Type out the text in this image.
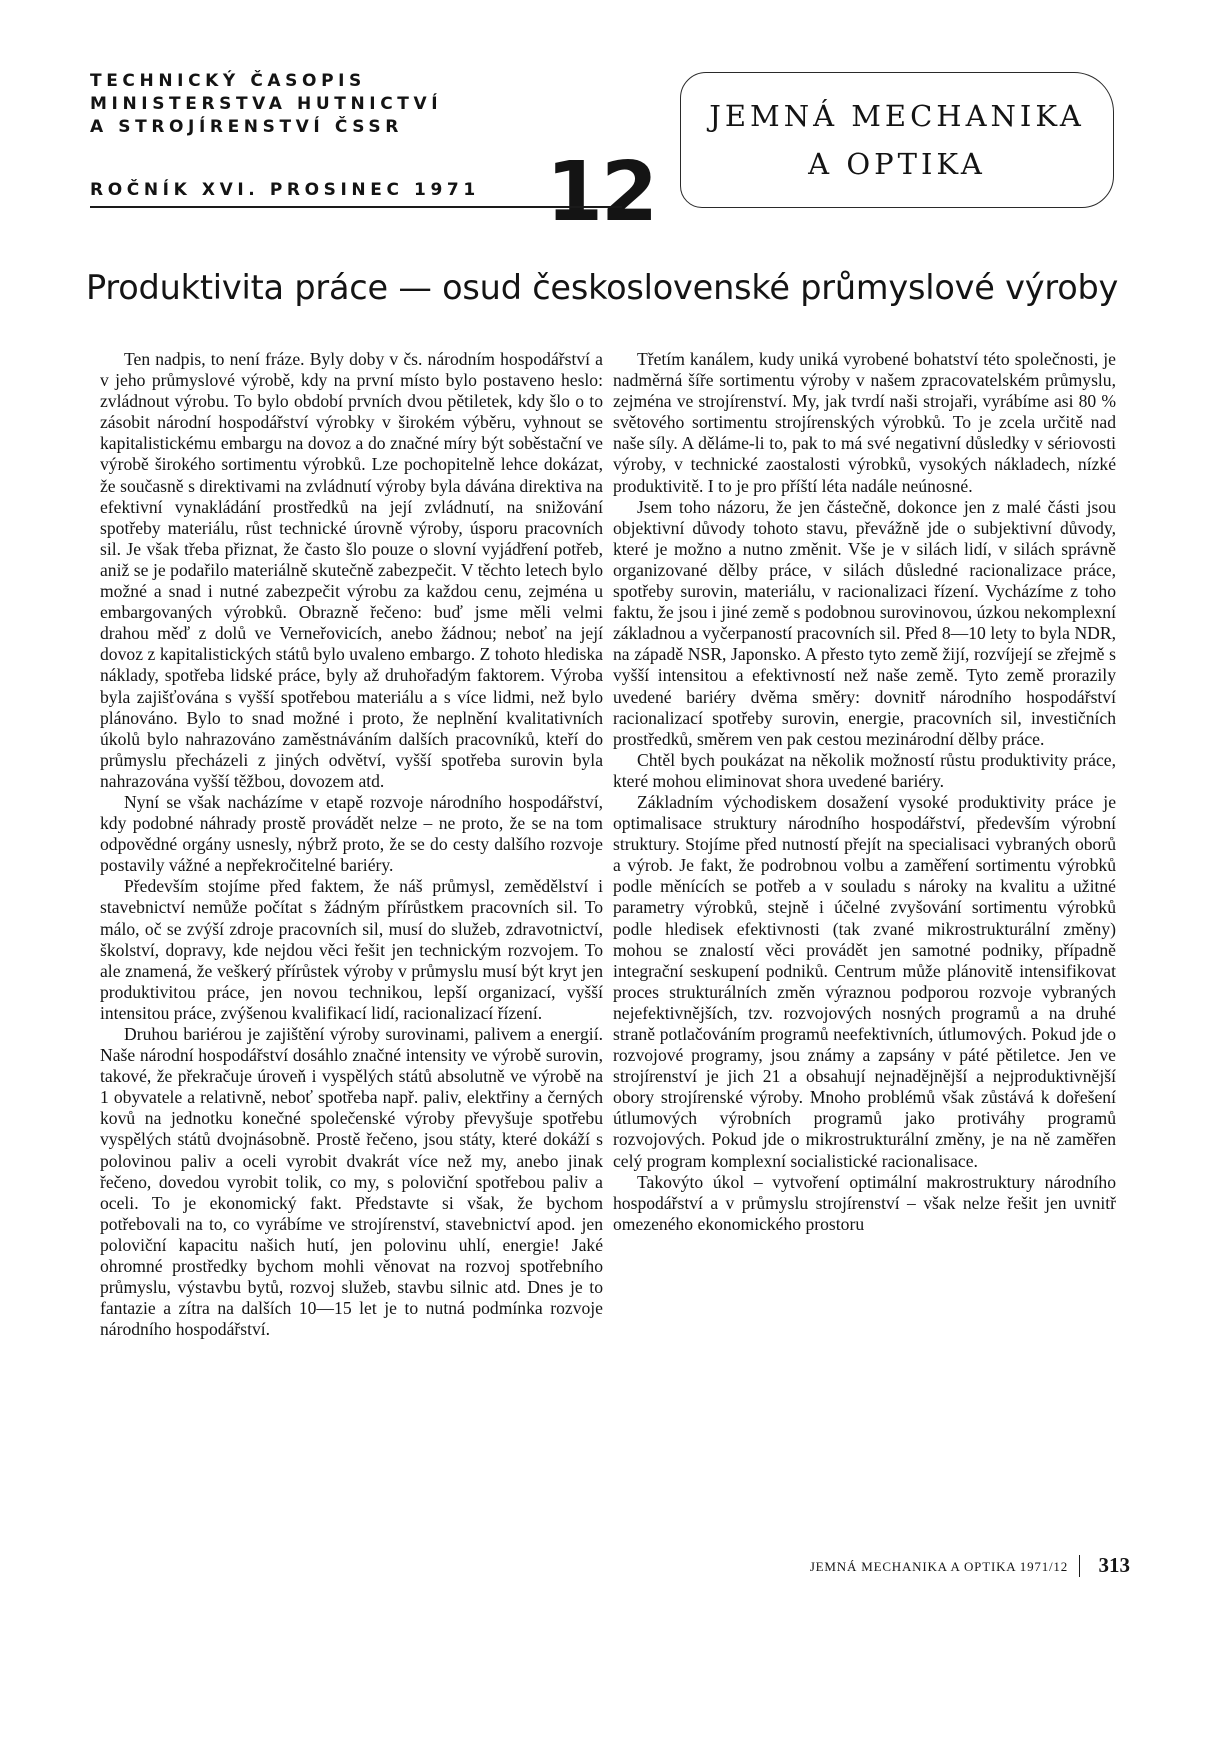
TECHNICKÝ ČASOPIS
MINISTERSTVA HUTNICTVÍ
A STROJÍRENSTVÍ ČSSR
ROČNÍK XVI. PROSINEC 1971 12
JEMNÁ MECHANIKA
A OPTIKA
Produktivita práce — osud československé průmyslové výroby

Ten nadpis, to není fráze. Byly doby v čs. národním hospodářství a v jeho průmyslové výrobě, kdy na první místo bylo postaveno heslo: zvládnout výrobu. To bylo období prvních dvou pětiletek, kdy šlo o to zásobit národní hospodářství výrobky v širokém výběru, vyhnout se kapitalistickému embargu na dovoz a do značné míry být soběstační ve výrobě širokého sortimentu výrobků. Lze pochopitelně lehce dokázat, že současně s direktivami na zvládnutí výroby byla dávána direktiva na efektivní vynakládání prostředků na její zvládnutí, na snižování spotřeby materiálu, růst technické úrovně výroby, úsporu pracovních sil. Je však třeba přiznat, že často šlo pouze o slovní vyjádření potřeb, aniž se je podařilo materiálně skutečně zabezpečit. V těchto letech bylo možné a snad i nutné zabezpečit výrobu za každou cenu, zejména u embargovaných výrobků. Obrazně řečeno: buď jsme měli velmi drahou měď z dolů ve Verneřovicích, anebo žádnou; neboť na její dovoz z kapitalistických států bylo uvaleno embargo. Z tohoto hlediska náklady, spotřeba lidské práce, byly až druhořadým faktorem. Výroba byla zajišťována s vyšší spotřebou materiálu a s více lidmi, než bylo plánováno. Bylo to snad možné i proto, že neplnění kvalitativních úkolů bylo nahrazováno zaměstnáváním dalších pracovníků, kteří do průmyslu přecházeli z jiných odvětví, vyšší spotřeba surovin byla nahrazována vyšší těžbou, dovozem atd.

Nyní se však nacházíme v etapě rozvoje národního hospodářství, kdy podobné náhrady prostě provádět nelze – ne proto, že se na tom odpovědné orgány usnesly, nýbrž proto, že se do cesty dalšího rozvoje postavily vážné a nepřekročitelné bariéry.

Především stojíme před faktem, že náš průmysl, zemědělství i stavebnictví nemůže počítat s žádným přírůstkem pracovních sil. To málo, oč se zvýší zdroje pracovních sil, musí do služeb, zdravotnictví, školství, dopravy, kde nejdou věci řešit jen technickým rozvojem. To ale znamená, že veškerý přírůstek výroby v průmyslu musí být kryt jen produktivitou práce, jen novou technikou, lepší organizací, vyšší intensitou práce, zvýšenou kvalifikací lidí, racionalizací řízení.

Druhou bariérou je zajištění výroby surovinami, palivem a energií. Naše národní hospodářství dosáhlo značné intensity ve výrobě surovin, takové, že překračuje úroveň i vyspělých států absolutně ve výrobě na 1 obyvatele a relativně, neboť spotřeba např. paliv, elektřiny a černých kovů na jednotku konečné společenské výroby převyšuje spotřebu vyspělých států dvojnásobně. Prostě řečeno, jsou státy, které dokáží s polovinou paliv a oceli vyrobit dvakrát více než my, anebo jinak řečeno, dovedou vyrobit tolik, co my, s poloviční spotřebou paliv a oceli. To je ekonomický fakt. Představte si však, že bychom potřebovali na to, co vyrábíme ve strojírenství, stavebnictví apod. jen poloviční kapacitu našich hutí, jen polovinu uhlí, energie! Jaké ohromné prostředky bychom mohli věnovat na rozvoj spotřebního průmyslu, výstavbu bytů, rozvoj služeb, stavbu silnic atd. Dnes je to fantazie a zítra na dalších 10—15 let je to nutná podmínka rozvoje národního hospodářství.

Třetím kanálem, kudy uniká vyrobené bohatství této společnosti, je nadměrná šíře sortimentu výroby v našem zpracovatelském průmyslu, zejména ve strojírenství. My, jak tvrdí naši strojaři, vyrábíme asi 80 % světového sortimentu strojírenských výrobků. To je zcela určitě nad naše síly. A děláme-li to, pak to má své negativní důsledky v sériovosti výroby, v technické zaostalosti výrobků, vysokých nákladech, nízké produktivitě. I to je pro příští léta nadále neúnosné.

Jsem toho názoru, že jen částečně, dokonce jen z malé části jsou objektivní důvody tohoto stavu, převážně jde o subjektivní důvody, které je možno a nutno změnit. Vše je v silách lidí, v silách správně organizované dělby práce, v silách důsledné racionalizace práce, spotřeby surovin, materiálu, v racionalizaci řízení. Vycházíme z toho faktu, že jsou i jiné země s podobnou surovinovou, úzkou nekomplexní základnou a vyčerpaností pracovních sil. Před 8—10 lety to byla NDR, na západě NSR, Japonsko. A přesto tyto země žijí, rozvíjejí se zřejmě s vyšší intensitou a efektivností než naše země. Tyto země prorazily uvedené bariéry dvěma směry: dovnitř národního hospodářství racionalizací spotřeby surovin, energie, pracovních sil, investičních prostředků, směrem ven pak cestou mezinárodní dělby práce.

Chtěl bych poukázat na několik možností růstu produktivity práce, které mohou eliminovat shora uvedené bariéry.

Základním východiskem dosažení vysoké produktivity práce je optimalisace struktury národního hospodářství, především výrobní struktury. Stojíme před nutností přejít na specialisaci vybraných oborů a výrob. Je fakt, že podrobnou volbu a zaměření sortimentu výrobků podle měnících se potřeb a v souladu s nároky na kvalitu a užitné parametry výrobků, stejně i účelné zvyšování sortimentu výrobků podle hledisek efektivnosti (tak zvané mikrostrukturální změny) mohou se znalostí věci provádět jen samotné podniky, případně integrační seskupení podniků. Centrum může plánovitě intensifikovat proces strukturálních změn výraznou podporou rozvoje vybraných nejefektivnějších, tzv. rozvojových nosných programů a na druhé straně potlačováním programů neefektivních, útlumových. Pokud jde o rozvojové programy, jsou známy a zapsány v páté pětiletce. Jen ve strojírenství je jich 21 a obsahují nejnadějnější a nejproduktivnější obory strojírenské výroby. Mnoho problémů však zůstává k dořešení útlumových výrobních programů jako protiváhy programů rozvojových. Pokud jde o mikrostrukturální změny, je na ně zaměřen celý program komplexní socialistické racionalisace.

Takovýto úkol – vytvoření optimální makrostruktury národního hospodářství a v průmyslu strojírenství – však nelze řešit jen uvnitř omezeného ekonomického prostoru

JEMNÁ MECHANIKA A OPTIKA 1971/12 313
